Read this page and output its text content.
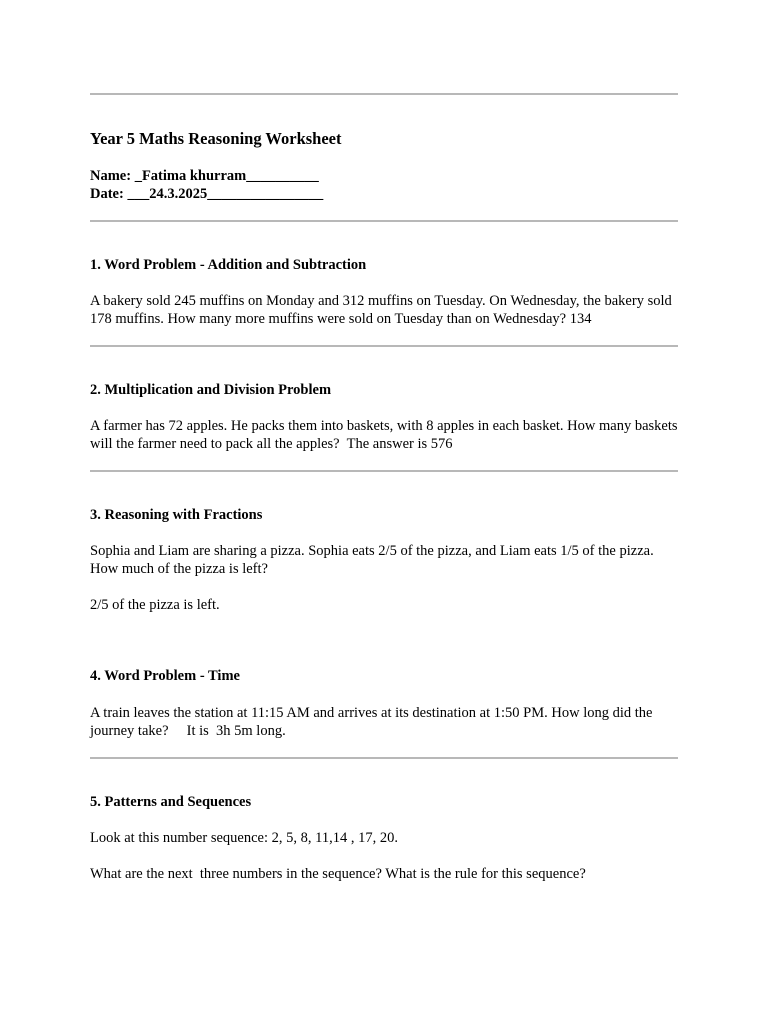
Year 5 Maths Reasoning Worksheet
Name: _Fatima khurram__________
Date: ___24.3.2025________________
1. Word Problem - Addition and Subtraction
A bakery sold 245 muffins on Monday and 312 muffins on Tuesday. On Wednesday, the bakery sold 178 muffins. How many more muffins were sold on Tuesday than on Wednesday? 134
2. Multiplication and Division Problem
A farmer has 72 apples. He packs them into baskets, with 8 apples in each basket. How many baskets will the farmer need to pack all the apples?  The answer is 576
3. Reasoning with Fractions
Sophia and Liam are sharing a pizza. Sophia eats 2/5 of the pizza, and Liam eats 1/5 of the pizza. How much of the pizza is left?
2/5 of the pizza is left.
4. Word Problem - Time
A train leaves the station at 11:15 AM and arrives at its destination at 1:50 PM. How long did the journey take?     It is  3h 5m long.
5. Patterns and Sequences
Look at this number sequence: 2, 5, 8, 11,14 , 17, 20.
What are the next  three numbers in the sequence? What is the rule for this sequence?
